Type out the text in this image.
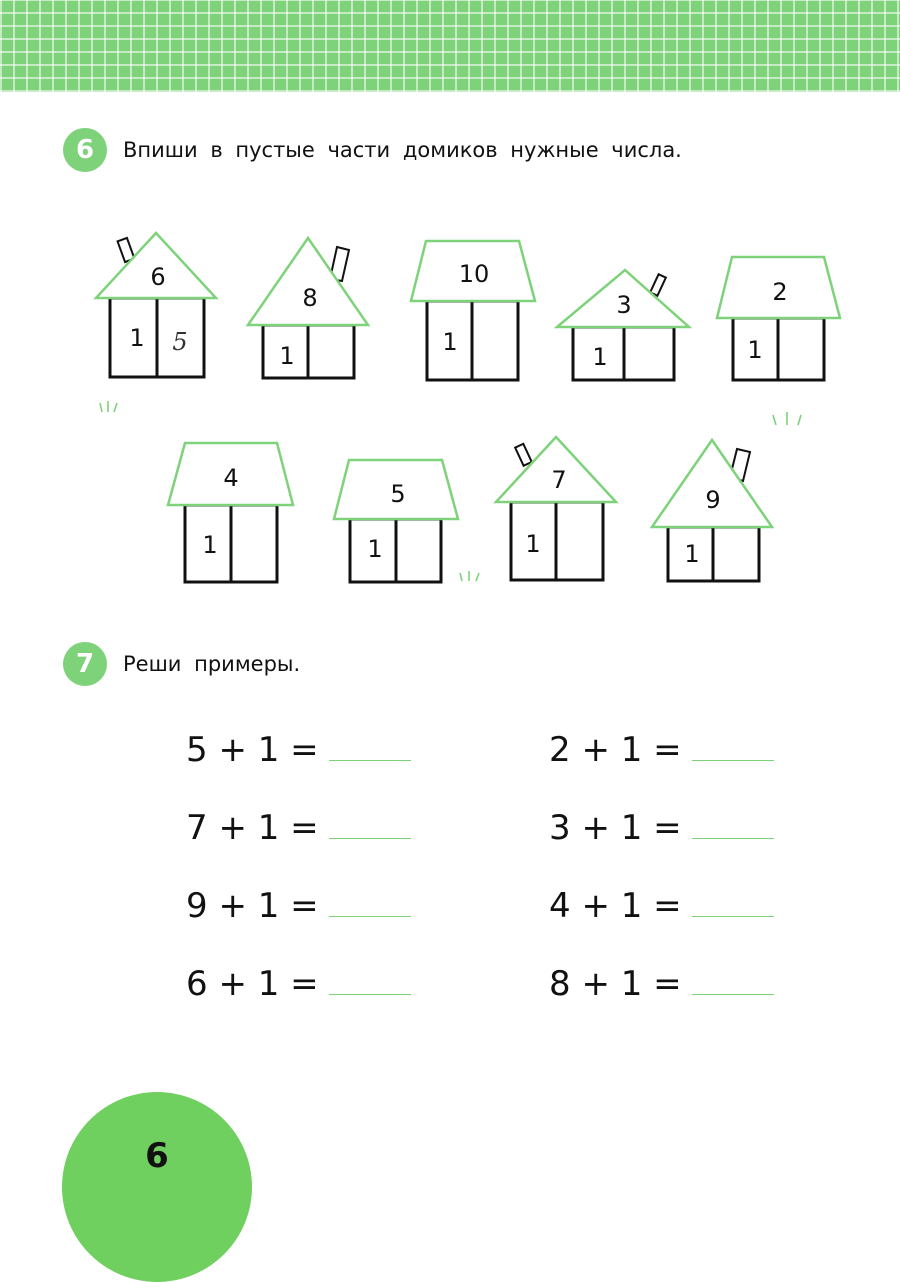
6	Впиши в пустые части домиков нужные числа.
6
1 5
8
1
10
1
3
1
2
1
4
1
5
1
7
1
9
1
7	Реши примеры.
5 + 1 =
7 + 1 =
9 + 1 =
6 + 1 =
2 + 1 =
3 + 1 =
4 + 1 =
8 + 1 =
6
